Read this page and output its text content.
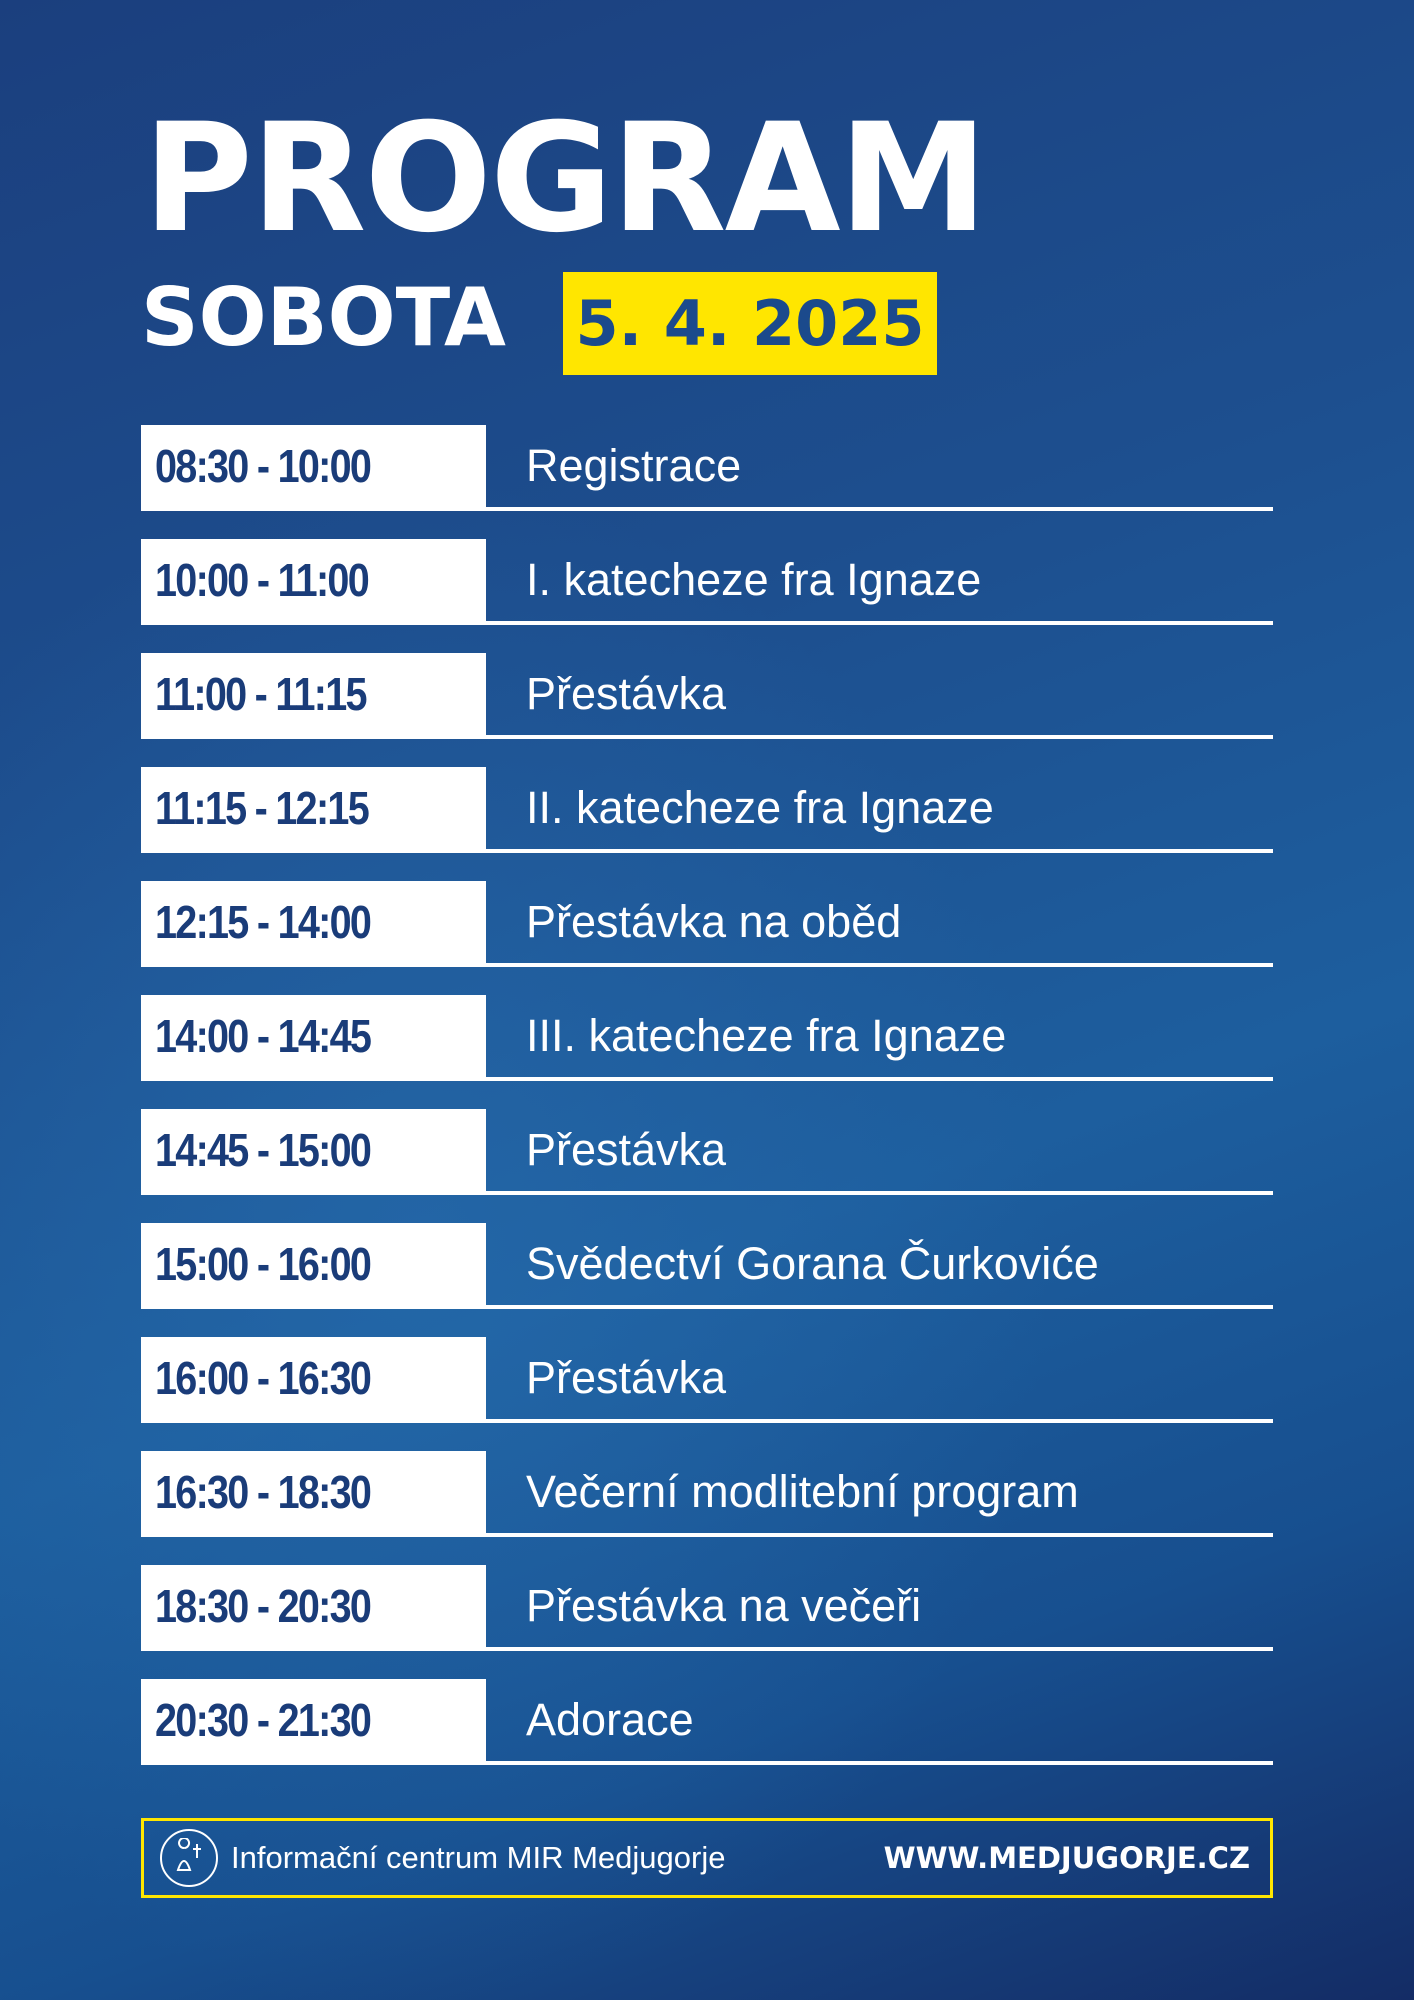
PROGRAM
SOBOTA 5. 4. 2025
08:30 - 10:00	Registrace
10:00 - 11:00	I. katecheze fra Ignaze
11:00 - 11:15	Přestávka
11:15 - 12:15	II. katecheze fra Ignaze
12:15 - 14:00	Přestávka na oběd
14:00 - 14:45	III. katecheze fra Ignaze
14:45 - 15:00	Přestávka
15:00 - 16:00	Svědectví Gorana Čurkoviće
16:00 - 16:30	Přestávka
16:30 - 18:30	Večerní modlitební program
18:30 - 20:30	Přestávka na večeři
20:30 - 21:30	Adorace
Informační centrum MIR Medjugorje	WWW.MEDJUGORJE.CZ
